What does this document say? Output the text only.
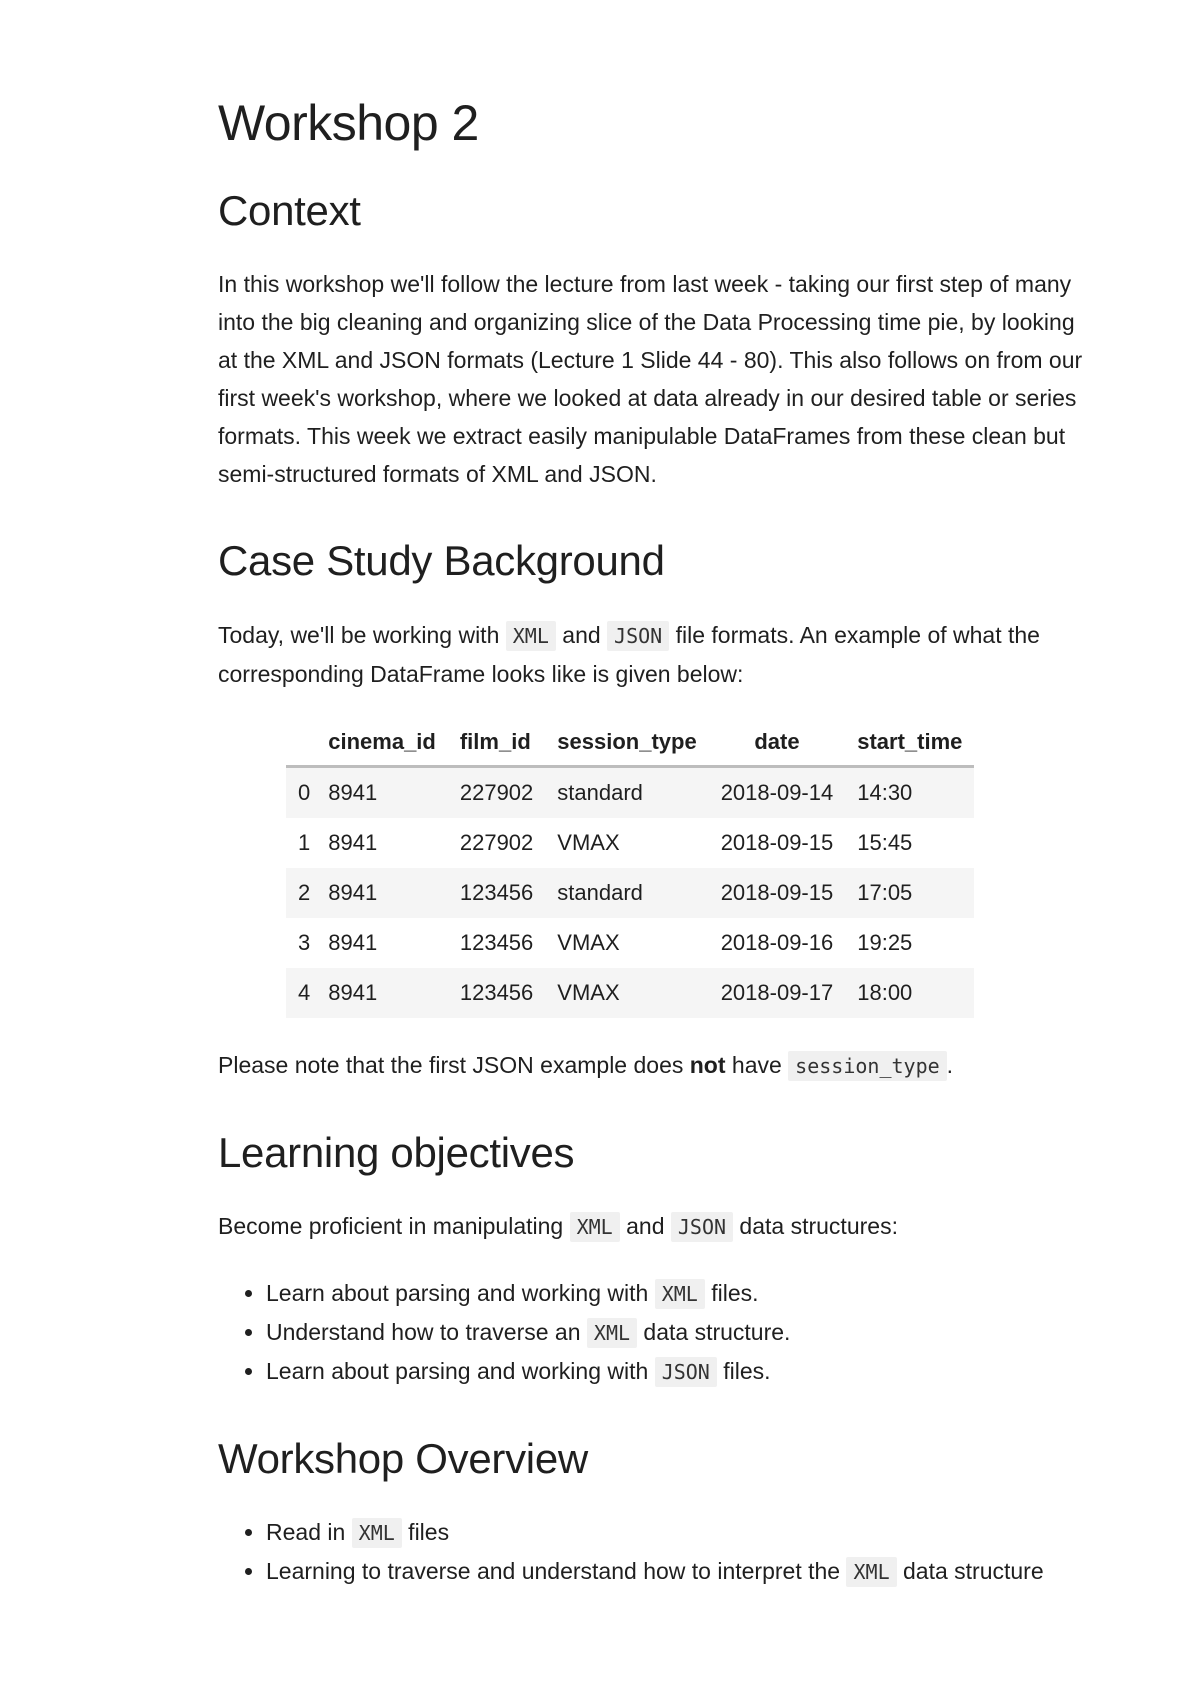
Workshop 2
Context

In this workshop we'll follow the lecture from last week - taking our first step of many into the big cleaning and organizing slice of the Data Processing time pie, by looking at the XML and JSON formats (Lecture 1 Slide 44 - 80). This also follows on from our first week's workshop, where we looked at data already in our desired table or series formats. This week we extract easily manipulable DataFrames from these clean but semi-structured formats of XML and JSON.

Case Study Background

Today, we'll be working with XML and JSON file formats. An example of what the corresponding DataFrame looks like is given below:

	cinema_id	film_id	session_type	date	start_time
0	8941	227902	standard	2018-09-14	14:30
1	8941	227902	VMAX	2018-09-15	15:45
2	8941	123456	standard	2018-09-15	17:05
3	8941	123456	VMAX	2018-09-16	19:25
4	8941	123456	VMAX	2018-09-17	18:00

Please note that the first JSON example does not have session_type .

Learning objectives

Become proficient in manipulating XML and JSON data structures:

• Learn about parsing and working with XML files.
• Understand how to traverse an XML data structure.
• Learn about parsing and working with JSON files.
Workshop Overview
• Read in XML files
• Learning to traverse and understand how to interpret the XML data structure
